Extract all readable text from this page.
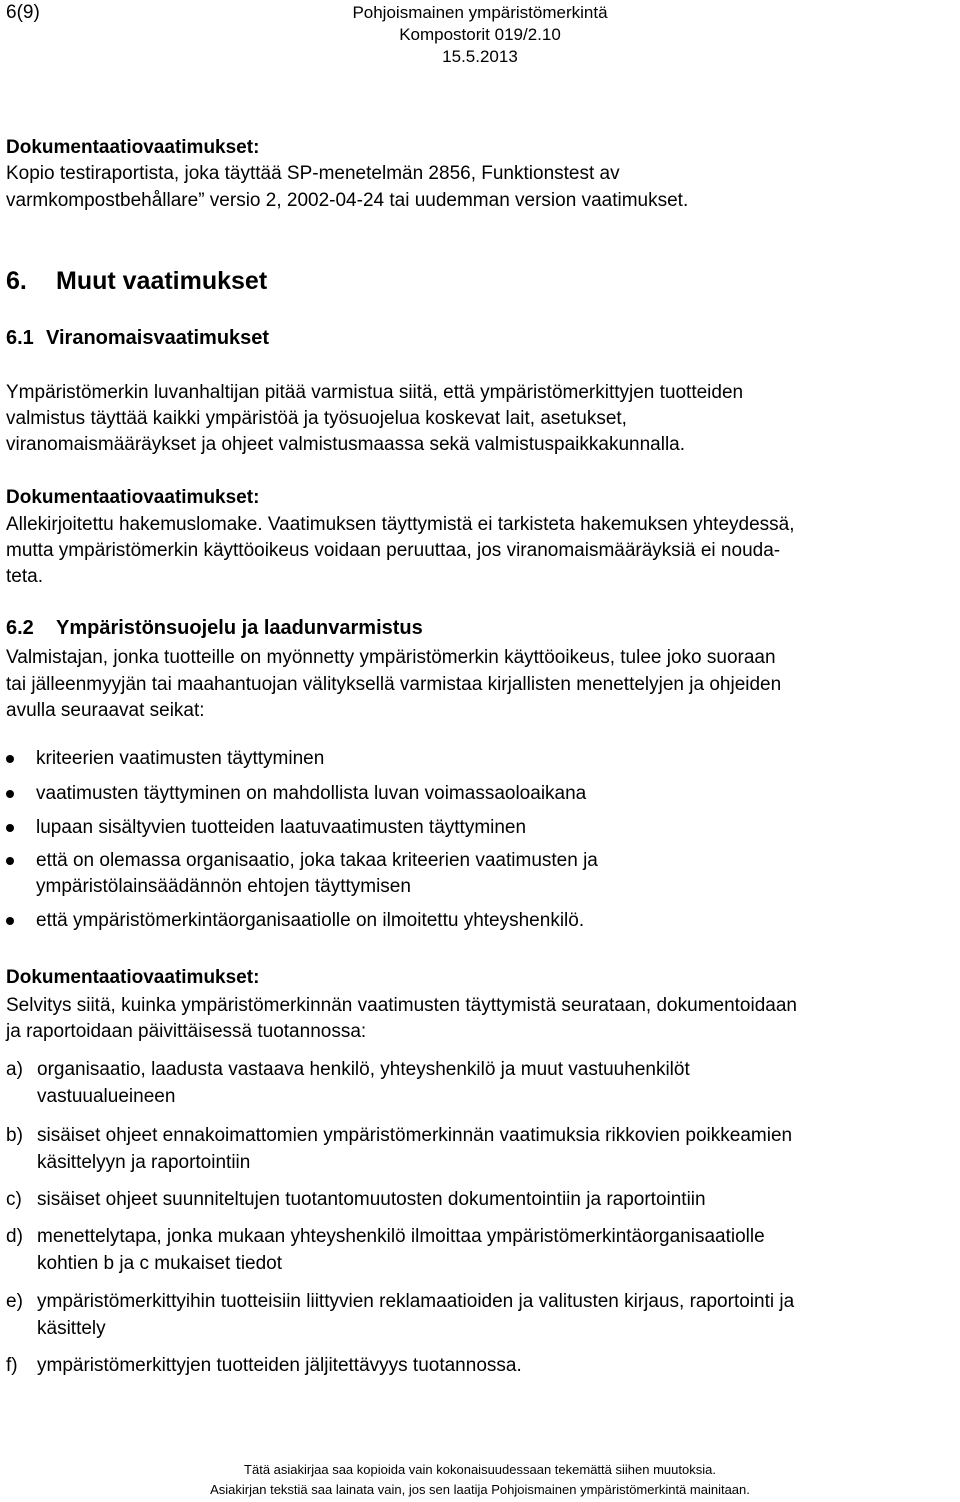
6(9)	Pohjoismainen ympäristömerkintä
Kompostorit 019/2.10
15.5.2013
Dokumentaatiovaatimukset:
Kopio testiraportista, joka täyttää SP-menetelmän 2856, Funktionstest av
varmkompostbehållare” versio 2, 2002-04-24 tai uudemman version vaatimukset.
6. Muut vaatimukset
6.1 Viranomaisvaatimukset
Ympäristömerkin luvanhaltijan pitää varmistua siitä, että ympäristömerkittyjen tuotteiden
valmistus täyttää kaikki ympäristöä ja työsuojelua koskevat lait, asetukset,
viranomaismääräykset ja ohjeet valmistusmaassa sekä valmistuspaikkakunnalla.
Dokumentaatiovaatimukset:
Allekirjoitettu hakemuslomake. Vaatimuksen täyttymistä ei tarkisteta hakemuksen yhteydessä,
mutta ympäristömerkin käyttöoikeus voidaan peruuttaa, jos viranomaismääräyksiä ei nouda-
teta.
6.2 Ympäristönsuojelu ja laadunvarmistus
Valmistajan, jonka tuotteille on myönnetty ympäristömerkin käyttöoikeus, tulee joko suoraan
tai jälleenmyyjän tai maahantuojan välityksellä varmistaa kirjallisten menettelyjen ja ohjeiden
avulla seuraavat seikat:
kriteerien vaatimusten täyttyminen
vaatimusten täyttyminen on mahdollista luvan voimassaoloaikana
lupaan sisältyvien tuotteiden laatuvaatimusten täyttyminen
että on olemassa organisaatio, joka takaa kriteerien vaatimusten ja
ympäristölainsäädännön ehtojen täyttymisen
että ympäristömerkintäorganisaatiolle on ilmoitettu yhteyshenkilö.
Dokumentaatiovaatimukset:
Selvitys siitä, kuinka ympäristömerkinnän vaatimusten täyttymistä seurataan, dokumentoidaan
ja raportoidaan päivittäisessä tuotannossa:
a) organisaatio, laadusta vastaava henkilö, yhteyshenkilö ja muut vastuuhenkilöt
vastuualueineen
b) sisäiset ohjeet ennakoimattomien ympäristömerkinnän vaatimuksia rikkovien poikkeamien
käsittelyyn ja raportointiin
c) sisäiset ohjeet suunniteltujen tuotantomuutosten dokumentointiin ja raportointiin
d) menettelytapa, jonka mukaan yhteyshenkilö ilmoittaa ympäristömerkintäorganisaatiolle
kohtien b ja c mukaiset tiedot
e) ympäristömerkittyihin tuotteisiin liittyvien reklamaatioiden ja valitusten kirjaus, raportointi ja
käsittely
f) ympäristömerkittyjen tuotteiden jäljitettävyys tuotannossa.
Tätä asiakirjaa saa kopioida vain kokonaisuudessaan tekemättä siihen muutoksia.
Asiakirjan tekstiä saa lainata vain, jos sen laatija Pohjoismainen ympäristömerkintä mainitaan.
